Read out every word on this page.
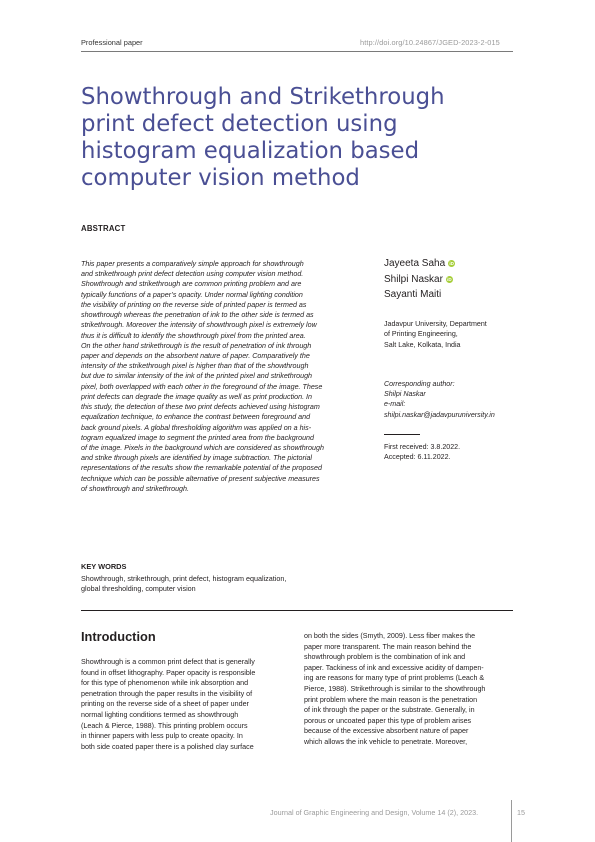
Professional paper	http://doi.org/10.24867/JGED-2023-2-015
Showthrough and Strikethrough
print defect detection using
histogram equalization based
computer vision method
ABSTRACT
This paper presents a comparatively simple approach for showthrough
and strikethrough print defect detection using computer vision method.
Showthrough and strikethrough are common printing problem and are
typically functions of a paper’s opacity. Under normal lighting condition
the visibility of printing on the reverse side of printed paper is termed as
showthrough whereas the penetration of ink to the other side is termed as
strikethrough. Moreover the intensity of showthrough pixel is extremely low
thus it is difficult to identify the showthrough pixel from the printed area.
On the other hand strikethrough is the result of penetration of ink through
paper and depends on the absorbent nature of paper. Comparatively the
intensity of the strikethrough pixel is higher than that of the showthrough
but due to similar intensity of the ink of the printed pixel and strikethrough
pixel, both overlapped with each other in the foreground of the image. These
print defects can degrade the image quality as well as print production. In
this study, the detection of these two print defects achieved using histogram
equalization technique, to enhance the contrast between foreground and
back ground pixels. A global thresholding algorithm was applied on a his-
togram equalized image to segment the printed area from the background
of the image. Pixels in the background which are considered as showthrough
and strike through pixels are identified by image subtraction. The pictorial
representations of the results show the remarkable potential of the proposed
technique which can be possible alternative of present subjective measures
of showthrough and strikethrough.
Jayeeta Saha iD
Shilpi Naskar iD
Sayanti Maiti
Jadavpur University, Department
of Printing Engineering,
Salt Lake, Kolkata, India
Corresponding author:
Shilpi Naskar
e-mail:
shilpi.naskar@jadavpuruniversity.in
First received: 3.8.2022.
Accepted: 6.11.2022.
KEY WORDS
Showthrough, strikethrough, print defect, histogram equalization,
global thresholding, computer vision
Introduction
Showthrough is a common print defect that is generally
found in offset lithography. Paper opacity is responsible
for this type of phenomenon while ink absorption and
penetration through the paper results in the visibility of
printing on the reverse side of a sheet of paper under
normal lighting conditions termed as showthrough
(Leach & Pierce, 1988). This printing problem occurs
in thinner papers with less pulp to create opacity. In
both side coated paper there is a polished clay surface
on both the sides (Smyth, 2009). Less fiber makes the
paper more transparent. The main reason behind the
showthrough problem is the combination of ink and
paper. Tackiness of ink and excessive acidity of dampen-
ing are reasons for many type of print problems (Leach &
Pierce, 1988). Strikethrough is similar to the showthrough
print problem where the main reason is the penetration
of ink through the paper or the substrate. Generally, in
porous or uncoated paper this type of problem arises
because of the excessive absorbent nature of paper
which allows the ink vehicle to penetrate. Moreover,
Journal of Graphic Engineering and Design, Volume 14 (2), 2023.	15
